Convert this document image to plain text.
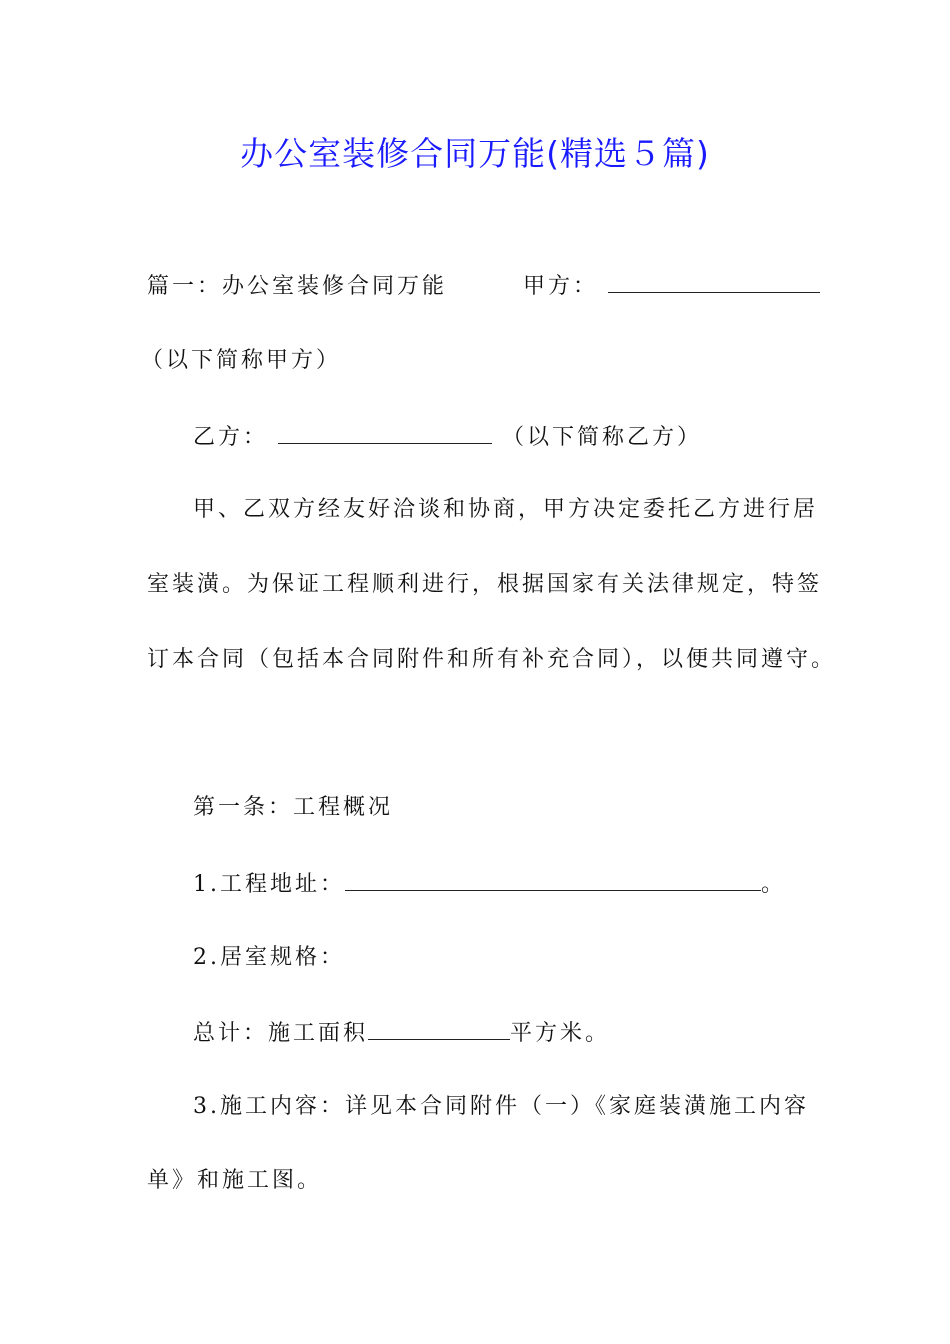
办公室装修合同万能(精选５篇)
篇一：办公室装修合同万能	甲方：
（以下简称甲方）
乙方：	（以下简称乙方）
甲、乙双方经友好洽谈和协商，甲方决定委托乙方进行居
室装潢。为保证工程顺利进行，根据国家有关法律规定，特签
订本合同（包括本合同附件和所有补充合同），以便共同遵守。
第一条：工程概况
1.工程地址：	。
2.居室规格：
总计：施工面积	平方米。
3.施工内容：详见本合同附件（一）《家庭装潢施工内容
单》和施工图。
